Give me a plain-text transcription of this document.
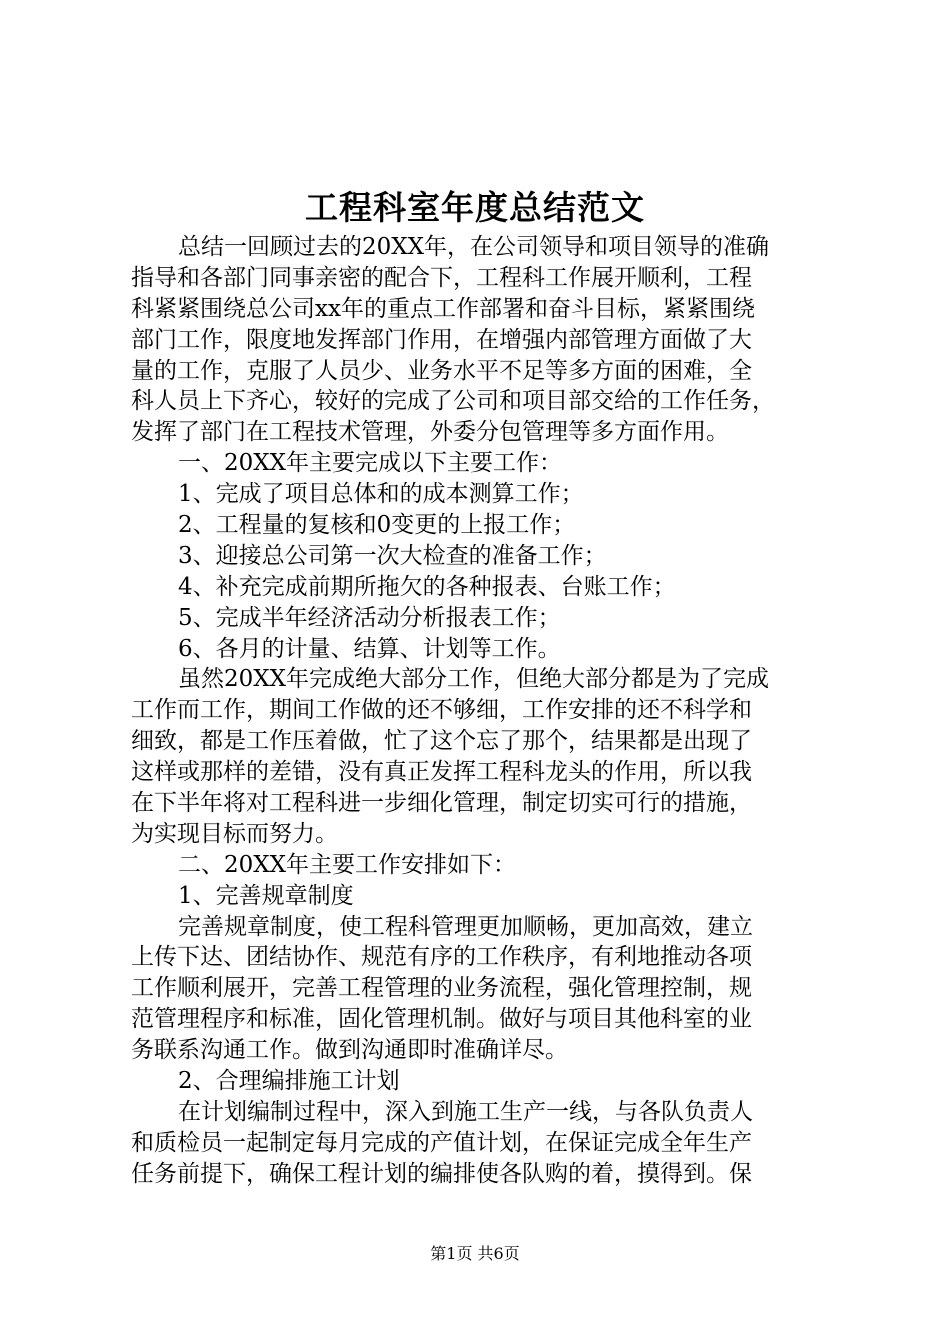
工程科室年度总结范文
总结一回顾过去的20XX年，在公司领导和项目领导的准确
指导和各部门同事亲密的配合下，工程科工作展开顺利，工程
科紧紧围绕总公司xx年的重点工作部署和奋斗目标，紧紧围绕
部门工作，限度地发挥部门作用，在增强内部管理方面做了大
量的工作，克服了人员少、业务水平不足等多方面的困难，全
科人员上下齐心，较好的完成了公司和项目部交给的工作任务，
发挥了部门在工程技术管理，外委分包管理等多方面作用。
一、20XX年主要完成以下主要工作：
1、完成了项目总体和的成本测算工作；
2、工程量的复核和0变更的上报工作；
3、迎接总公司第一次大检查的准备工作；
4、补充完成前期所拖欠的各种报表、台账工作；
5、完成半年经济活动分析报表工作；
6、各月的计量、结算、计划等工作。
虽然20XX年完成绝大部分工作，但绝大部分都是为了完成
工作而工作，期间工作做的还不够细，工作安排的还不科学和
细致，都是工作压着做，忙了这个忘了那个，结果都是出现了
这样或那样的差错，没有真正发挥工程科龙头的作用，所以我
在下半年将对工程科进一步细化管理，制定切实可行的措施，
为实现目标而努力。
二、20XX年主要工作安排如下：
1、完善规章制度
完善规章制度，使工程科管理更加顺畅，更加高效，建立
上传下达、团结协作、规范有序的工作秩序，有利地推动各项
工作顺利展开，完善工程管理的业务流程，强化管理控制，规
范管理程序和标准，固化管理机制。做好与项目其他科室的业
务联系沟通工作。做到沟通即时准确详尽。
2、合理编排施工计划
在计划编制过程中，深入到施工生产一线，与各队负责人
和质检员一起制定每月完成的产值计划，在保证完成全年生产
任务前提下，确保工程计划的编排使各队购的着，摸得到。保
第1页 共6页
